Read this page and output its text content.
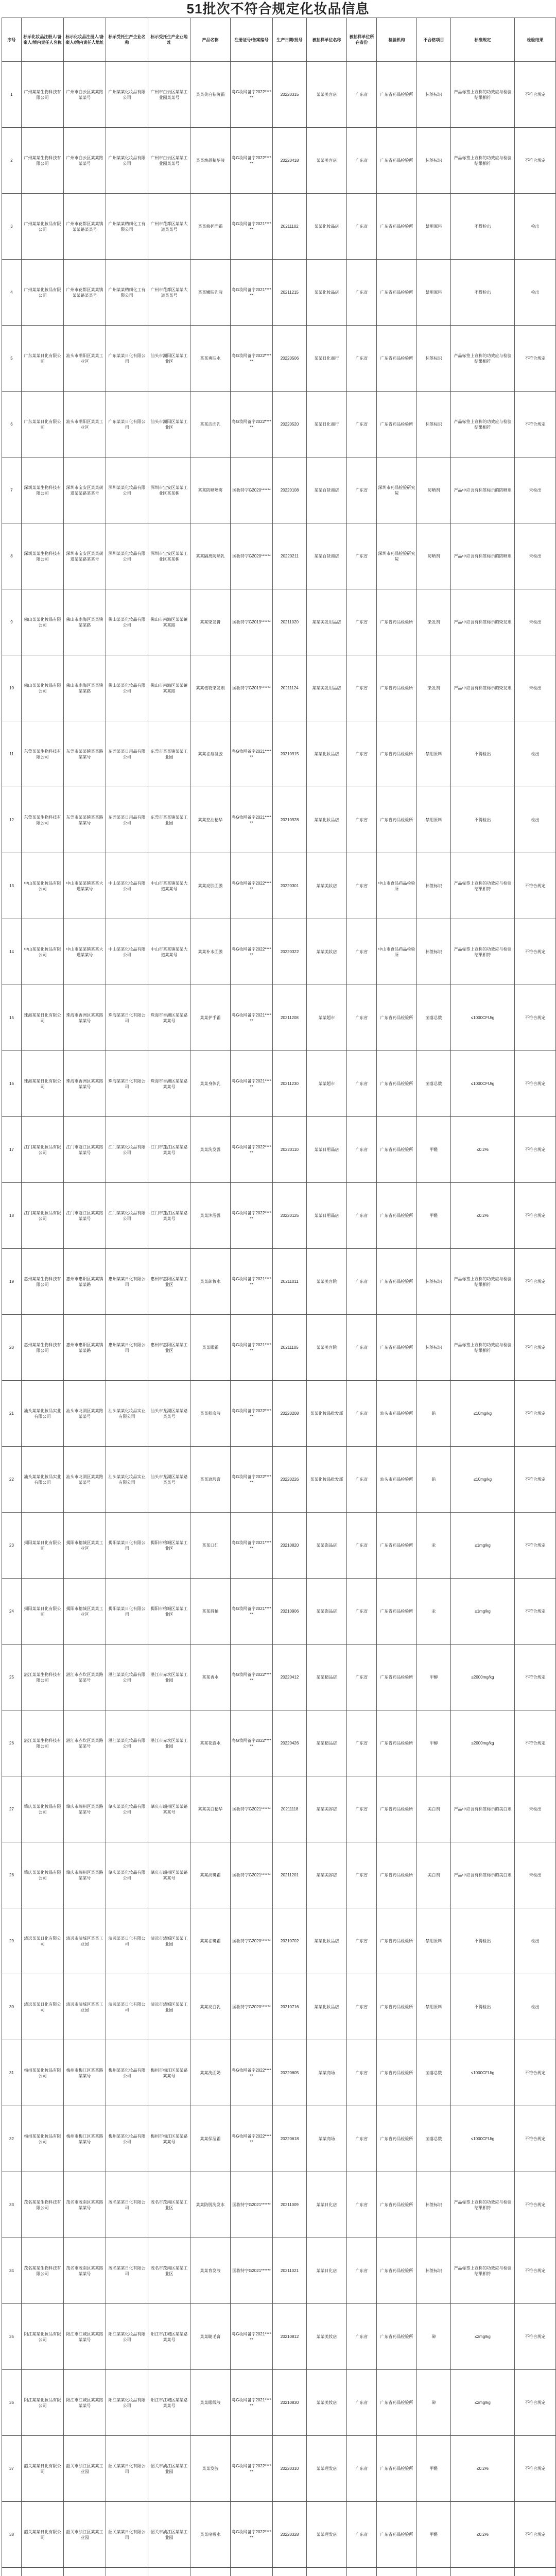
51批次不符合规定化妆品信息
序号	标示化妆品注册人/备案人/境内责任人名称	标示化妆品注册人/备案人/境内责任人地址	标示受托生产企业名称	标示受托生产企业地址	产品名称	注册证号/备案编号	生产日期/批号	被抽样单位名称	被抽样单位所在省份	检验机构	不合格项目	标准规定	检验结果
1	广州某某生物科技有限公司	广州市白云区某某路某某号	广州某某化妆品有限公司	广州市白云区某某工业园某某号	某某美白祛斑霜	粤G妆网备字2022******	20220315	某某美容店	广东省	广东省药品检验所	标签标识	产品标签上宣称的功效应与检验结果相符	不符合规定
2	广州某某生物科技有限公司	广州市白云区某某路某某号	广州某某化妆品有限公司	广州市白云区某某工业园某某号	某某焕颜精华液	粤G妆网备字2022******	20220418	某某美容店	广东省	广东省药品检验所	标签标识	产品标签上宣称的功效应与检验结果相符	不符合规定
3	广州某某化妆品有限公司	广州市花都区某某镇某某路某某号	广州某某精细化工有限公司	广州市花都区某某大道某某号	某某修护面霜	粤G妆网备字2021******	20211102	某某化妆品店	广东省	广东省药品检验所	禁用原料	不得检出	检出
4	广州某某化妆品有限公司	广州市花都区某某镇某某路某某号	广州某某精细化工有限公司	广州市花都区某某大道某某号	某某嫩肤乳液	粤G妆网备字2021******	20211215	某某化妆品店	广东省	广东省药品检验所	禁用原料	不得检出	检出
5	广东某某日化有限公司	汕头市潮阳区某某工业区	广东某某日化有限公司	汕头市潮阳区某某工业区	某某爽肤水	粤G妆网备字2022******	20220506	某某日化商行	广东省	广东省药品检验所	标签标识	产品标签上宣称的功效应与检验结果相符	不符合规定
6	广东某某日化有限公司	汕头市潮阳区某某工业区	广东某某日化有限公司	汕头市潮阳区某某工业区	某某洁面乳	粤G妆网备字2022******	20220520	某某日化商行	广东省	广东省药品检验所	标签标识	产品标签上宣称的功效应与检验结果相符	不符合规定
7	深圳某某生物科技有限公司	深圳市宝安区某某街道某某路某某号	深圳某某化妆品有限公司	深圳市宝安区某某工业区某某栋	某某防晒喷雾	国妆特字G2020******	20220108	某某百货商店	广东省	深圳市药品检验研究院	防晒剂	产品中应含有标签标示的防晒剂	未检出
8	深圳某某生物科技有限公司	深圳市宝安区某某街道某某路某某号	深圳某某化妆品有限公司	深圳市宝安区某某工业区某某栋	某某隔离防晒乳	国妆特字G2020******	20220211	某某百货商店	广东省	深圳市药品检验研究院	防晒剂	产品中应含有标签标示的防晒剂	未检出
9	佛山某某化妆品有限公司	佛山市南海区某某镇某某路	佛山某某化妆品有限公司	佛山市南海区某某镇某某路	某某染发膏	国妆特字G2019******	20211020	某某美发用品店	广东省	广东省药品检验所	染发剂	产品中应含有标签标示的染发剂	未检出
10	佛山某某化妆品有限公司	佛山市南海区某某镇某某路	佛山某某化妆品有限公司	佛山市南海区某某镇某某路	某某植物染发剂	国妆特字G2019******	20211124	某某美发用品店	广东省	广东省药品检验所	染发剂	产品中应含有标签标示的染发剂	未检出
11	东莞某某生物科技有限公司	东莞市某某镇某某路某某号	东莞某某日用品有限公司	东莞市某某镇某某工业园	某某祛痘凝胶	粤G妆网备字2021******	20210915	某某化妆品店	广东省	广东省药品检验所	禁用原料	不得检出	检出
12	东莞某某生物科技有限公司	东莞市某某镇某某路某某号	东莞某某日用品有限公司	东莞市某某镇某某工业园	某某控油精华	粤G妆网备字2021******	20210928	某某化妆品店	广东省	广东省药品检验所	禁用原料	不得检出	检出
13	中山某某化妆品有限公司	中山市某某镇某某大道某某号	中山某某化妆品有限公司	中山市某某镇某某大道某某号	某某亮肤面膜	粤G妆网备字2022******	20220301	某某美妆店	广东省	中山市食品药品检验所	标签标识	产品标签上宣称的功效应与检验结果相符	不符合规定
14	中山某某化妆品有限公司	中山市某某镇某某大道某某号	中山某某化妆品有限公司	中山市某某镇某某大道某某号	某某补水面膜	粤G妆网备字2022******	20220322	某某美妆店	广东省	中山市食品药品检验所	标签标识	产品标签上宣称的功效应与检验结果相符	不符合规定
15	珠海某某日化有限公司	珠海市香洲区某某路某某号	珠海某某日化有限公司	珠海市香洲区某某路某某号	某某护手霜	粤G妆网备字2021******	20211208	某某超市	广东省	广东省药品检验所	菌落总数	≤1000CFU/g	不符合规定
16	珠海某某日化有限公司	珠海市香洲区某某路某某号	珠海某某日化有限公司	珠海市香洲区某某路某某号	某某身体乳	粤G妆网备字2021******	20211230	某某超市	广东省	广东省药品检验所	菌落总数	≤1000CFU/g	不符合规定
17	江门某某化妆品有限公司	江门市蓬江区某某路某某号	江门某某化妆品有限公司	江门市蓬江区某某路某某号	某某洗发露	粤G妆网备字2022******	20220110	某某日用品店	广东省	广东省药品检验所	甲醛	≤0.2%	不符合规定
18	江门某某化妆品有限公司	江门市蓬江区某某路某某号	江门某某化妆品有限公司	江门市蓬江区某某路某某号	某某沐浴露	粤G妆网备字2022******	20220125	某某日用品店	广东省	广东省药品检验所	甲醛	≤0.2%	不符合规定
19	惠州某某生物科技有限公司	惠州市惠阳区某某镇某某路	惠州某某日化有限公司	惠州市惠阳区某某工业区	某某卸妆水	粤G妆网备字2021******	20211011	某某美容院	广东省	广东省药品检验所	标签标识	产品标签上宣称的功效应与检验结果相符	不符合规定
20	惠州某某生物科技有限公司	惠州市惠阳区某某镇某某路	惠州某某日化有限公司	惠州市惠阳区某某工业区	某某眼霜	粤G妆网备字2021******	20211105	某某美容院	广东省	广东省药品检验所	标签标识	产品标签上宣称的功效应与检验结果相符	不符合规定
21	汕头某某化妆品实业有限公司	汕头市龙湖区某某路某某号	汕头某某化妆品实业有限公司	汕头市龙湖区某某路某某号	某某粉底液	粤G妆网备字2022******	20220208	某某化妆品批发部	广东省	汕头市药品检验所	铅	≤10mg/kg	不符合规定
22	汕头某某化妆品实业有限公司	汕头市龙湖区某某路某某号	汕头某某化妆品实业有限公司	汕头市龙湖区某某路某某号	某某遮瑕膏	粤G妆网备字2022******	20220226	某某化妆品批发部	广东省	汕头市药品检验所	铅	≤10mg/kg	不符合规定
23	揭阳某某日化有限公司	揭阳市榕城区某某工业区	揭阳某某日化有限公司	揭阳市榕城区某某工业区	某某口红	粤G妆网备字2021******	20210820	某某饰品店	广东省	广东省药品检验所	汞	≤1mg/kg	不符合规定
24	揭阳某某日化有限公司	揭阳市榕城区某某工业区	揭阳某某日化有限公司	揭阳市榕城区某某工业区	某某唇釉	粤G妆网备字2021******	20210906	某某饰品店	广东省	广东省药品检验所	汞	≤1mg/kg	不符合规定
25	湛江某某生物科技有限公司	湛江市赤坎区某某路某某号	湛江某某化妆品有限公司	湛江市赤坎区某某工业园	某某香水	粤G妆网备字2022******	20220412	某某精品店	广东省	广东省药品检验所	甲醇	≤2000mg/kg	不符合规定
26	湛江某某生物科技有限公司	湛江市赤坎区某某路某某号	湛江某某化妆品有限公司	湛江市赤坎区某某工业园	某某花露水	粤G妆网备字2022******	20220426	某某精品店	广东省	广东省药品检验所	甲醇	≤2000mg/kg	不符合规定
27	肇庆某某化妆品有限公司	肇庆市端州区某某路某某号	肇庆某某化妆品有限公司	肇庆市端州区某某路某某号	某某美白精华	国妆特字G2021******	20211118	某某美容店	广东省	广东省药品检验所	美白剂	产品中应含有标签标示的美白剂	未检出
28	肇庆某某化妆品有限公司	肇庆市端州区某某路某某号	肇庆某某化妆品有限公司	肇庆市端州区某某路某某号	某某淡斑霜	国妆特字G2021******	20211201	某某美容店	广东省	广东省药品检验所	美白剂	产品中应含有标签标示的美白剂	未检出
29	清远某某日化有限公司	清远市清城区某某工业园	清远某某日化有限公司	清远市清城区某某工业园	某某祛斑霜	国妆特字G2020******	20210702	某某化妆品店	广东省	广东省药品检验所	禁用原料	不得检出	检出
30	清远某某日化有限公司	清远市清城区某某工业园	清远某某日化有限公司	清远市清城区某某工业园	某某亮白乳	国妆特字G2020******	20210716	某某化妆品店	广东省	广东省药品检验所	禁用原料	不得检出	检出
31	梅州某某化妆品有限公司	梅州市梅江区某某路某某号	梅州某某化妆品有限公司	梅州市梅江区某某路某某号	某某洗面奶	粤G妆网备字2022******	20220605	某某商场	广东省	广东省药品检验所	菌落总数	≤1000CFU/g	不符合规定
32	梅州某某化妆品有限公司	梅州市梅江区某某路某某号	梅州某某化妆品有限公司	梅州市梅江区某某路某某号	某某保湿霜	粤G妆网备字2022******	20220618	某某商场	广东省	广东省药品检验所	菌落总数	≤1000CFU/g	不符合规定
33	茂名某某生物科技有限公司	茂名市茂南区某某路某某号	茂名某某日化有限公司	茂名市茂南区某某工业区	某某防脱洗发水	国妆特字G2021******	20211009	某某日化店	广东省	广东省药品检验所	标签标识	产品标签上宣称的功效应与检验结果相符	不符合规定
34	茂名某某生物科技有限公司	茂名市茂南区某某路某某号	茂名某某日化有限公司	茂名市茂南区某某工业区	某某育发液	国妆特字G2021******	20211021	某某日化店	广东省	广东省药品检验所	标签标识	产品标签上宣称的功效应与检验结果相符	不符合规定
35	阳江某某化妆品有限公司	阳江市江城区某某路某某号	阳江某某化妆品有限公司	阳江市江城区某某路某某号	某某睫毛膏	粤G妆网备字2021******	20210812	某某美妆店	广东省	广东省药品检验所	砷	≤2mg/kg	不符合规定
36	阳江某某化妆品有限公司	阳江市江城区某某路某某号	阳江某某化妆品有限公司	阳江市江城区某某路某某号	某某眼线液	粤G妆网备字2021******	20210830	某某美妆店	广东省	广东省药品检验所	砷	≤2mg/kg	不符合规定
37	韶关某某日化有限公司	韶关市浈江区某某工业园	韶关某某日化有限公司	韶关市浈江区某某工业园	某某发胶	粤G妆网备字2022******	20220310	某某理发店	广东省	广东省药品检验所	甲醛	≤0.2%	不符合规定
38	韶关某某日化有限公司	韶关市浈江区某某工业园	韶关某某日化有限公司	韶关市浈江区某某工业园	某某啫喱水	粤G妆网备字2022******	20220328	某某理发店	广东省	广东省药品检验所	甲醛	≤0.2%	不符合规定
